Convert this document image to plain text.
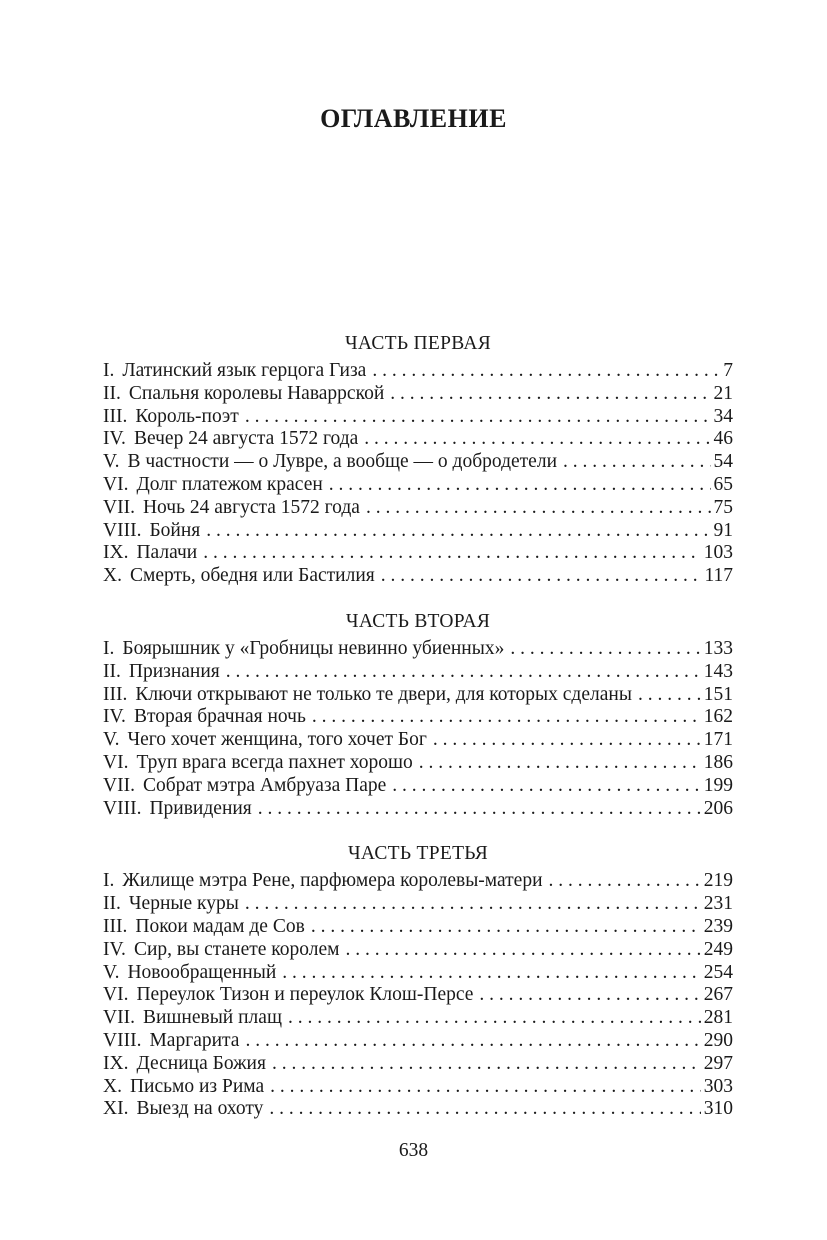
ОГЛАВЛЕНИЕ
ЧАСТЬ ПЕРВАЯ
I. Латинский язык герцога Гиза . . .	7
II. Спальня королевы Наваррской . . .	21
III. Король-поэт . . .	34
IV. Вечер 24 августа 1572 года . . .	46
V. В частности — о Лувре, а вообще — о добродетели . . .	54
VI. Долг платежом красен . . .	65
VII. Ночь 24 августа 1572 года . . .	75
VIII. Бойня . . .	91
IX. Палачи . . .	103
X. Смерть, обедня или Бастилия . . .	117
ЧАСТЬ ВТОРАЯ
I. Боярышник у «Гробницы невинно убиенных» . . .	133
II. Признания . . .	143
III. Ключи открывают не только те двери, для которых сделаны . . .	151
IV. Вторая брачная ночь . . .	162
V. Чего хочет женщина, того хочет Бог . . .	171
VI. Труп врага всегда пахнет хорошо . . .	186
VII. Собрат мэтра Амбруаза Паре . . .	199
VIII. Привидения . . .	206
ЧАСТЬ ТРЕТЬЯ
I. Жилище мэтра Рене, парфюмера королевы-матери . . .	219
II. Черные куры . . .	231
III. Покои мадам де Сов . . .	239
IV. Сир, вы станете королем . . .	249
V. Новообращенный . . .	254
VI. Переулок Тизон и переулок Клош-Персе . . .	267
VII. Вишневый плащ . . .	281
VIII. Маргарита . . .	290
IX. Десница Божия . . .	297
X. Письмо из Рима . . .	303
XI. Выезд на охоту . . .	310
638
